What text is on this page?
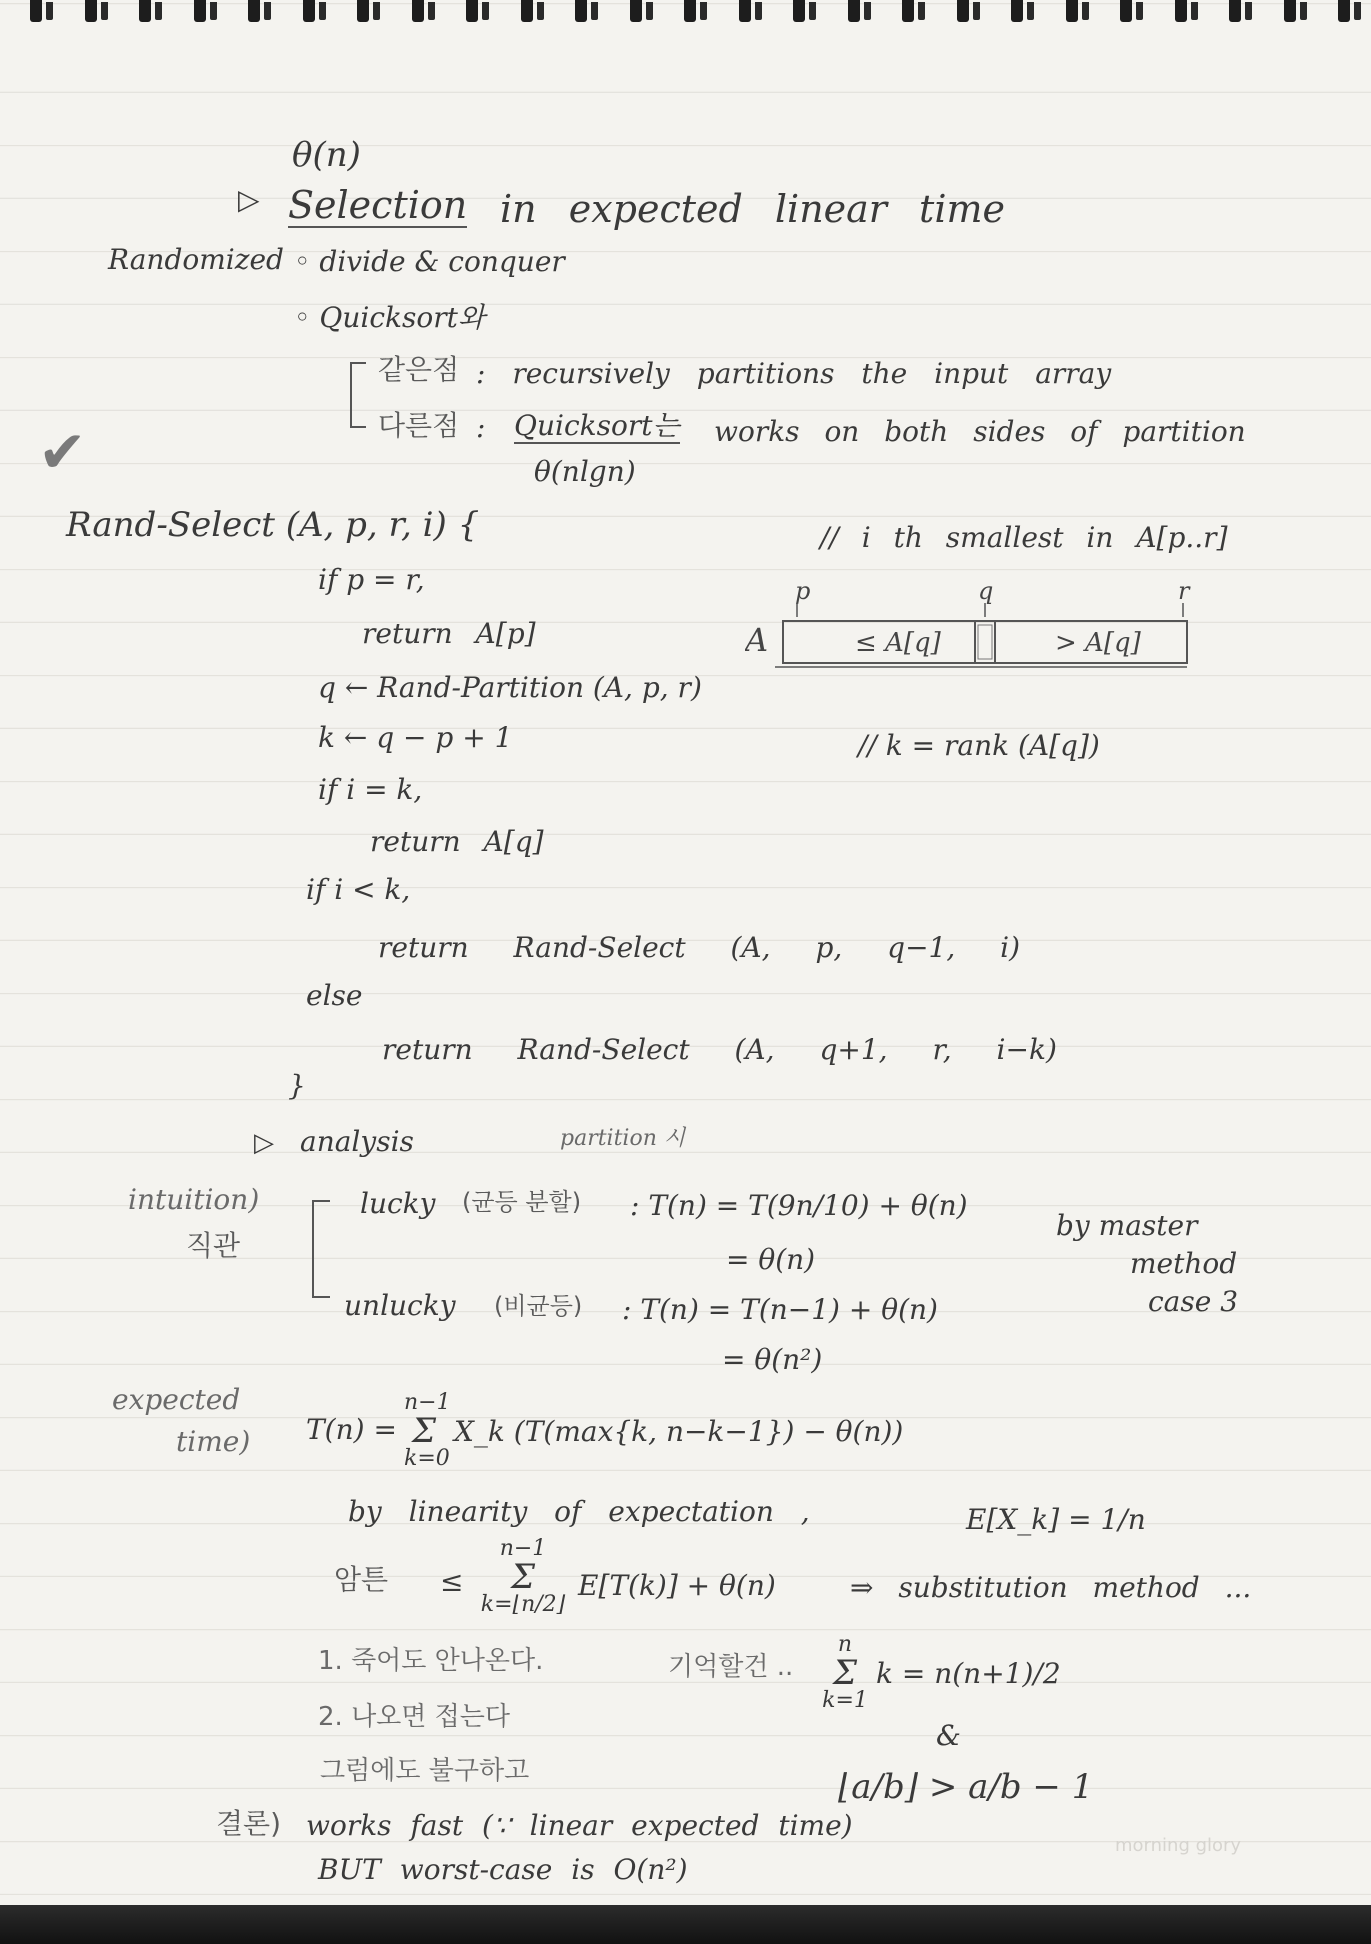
θ(n)
▷ Selection in expected linear time
Randomized ◦ divide & conquer
◦ Quicksort와
같은점 : recursively partitions the input array
다른점 : Quicksort는 works on both sides of partition
θ(nlgn)
✔
Rand-Select (A, p, r, i) {	// i th smallest in A[p..r]
if p = r,
return A[p]
q ← Rand-Partition (A, p, r)
k ← q − p + 1	// k = rank (A[q])
if i = k,
return A[q]
if i < k,
return Rand-Select (A, p, q−1, i)
else
return Rand-Select (A, q+1, r, i−k)
}
p	q	r
A	≤ A[q]	> A[q]
▷ analysis	partition 시
intuition)
직관
lucky (균등 분할) : T(n) = T(9n/10) + θ(n)
= θ(n)
by master
method
case 3
unlucky (비균등) : T(n) = T(n−1) + θ(n)
= θ(n²)
expected
time) T(n) =
n−1
Σ
k=0
X_k (T(max{k, n−k−1}) − θ(n))
by linearity of expectation ,	E[X_k] = 1/n
암튼 ≤
n−1
Σ
k=⌊n/2⌋
E[T(k)] + θ(n)	⇒ substitution method ...
1. 죽어도 안나온다.
2. 나오면 접는다
그럼에도 불구하고
기억할건 ..
n
Σ
k=1
k = n(n+1)/2
&
⌊a/b⌋ > a/b − 1
결론) works fast (∵ linear expected time)
BUT worst-case is O(n²)
morning glory
